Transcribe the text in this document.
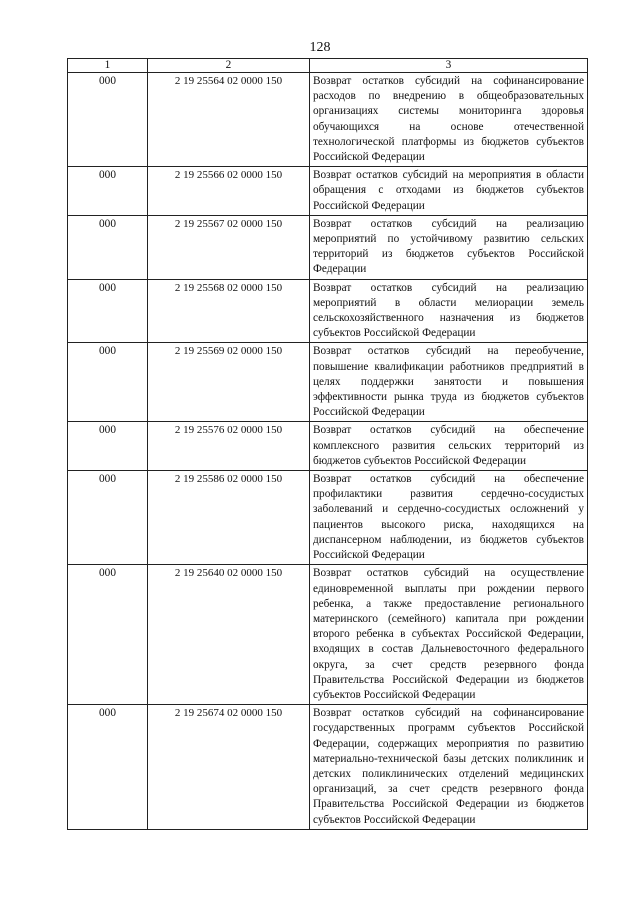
128
1	2	3
000	2 19 25564 02 0000 150	Возврат остатков субсидий на софинансирование расходов по внедрению в общеобразовательных организациях системы мониторинга здоровья обучающихся на основе отечественной технологической платформы из бюджетов субъектов Российской Федерации
000	2 19 25566 02 0000 150	Возврат остатков субсидий на мероприятия в области обращения с отходами из бюджетов субъектов Российской Федерации
000	2 19 25567 02 0000 150	Возврат остатков субсидий на реализацию мероприятий по устойчивому развитию сельских территорий из бюджетов субъектов Российской Федерации
000	2 19 25568 02 0000 150	Возврат остатков субсидий на реализацию мероприятий в области мелиорации земель сельскохозяйственного назначения из бюджетов субъектов Российской Федерации
000	2 19 25569 02 0000 150	Возврат остатков субсидий на переобучение, повышение квалификации работников предприятий в целях поддержки занятости и повышения эффективности рынка труда из бюджетов субъектов Российской Федерации
000	2 19 25576 02 0000 150	Возврат остатков субсидий на обеспечение комплексного развития сельских территорий из бюджетов субъектов Российской Федерации
000	2 19 25586 02 0000 150	Возврат остатков субсидий на обеспечение профилактики развития сердечно-сосудистых заболеваний и сердечно-сосудистых осложнений у пациентов высокого риска, находящихся на диспансерном наблюдении, из бюджетов субъектов Российской Федерации
000	2 19 25640 02 0000 150	Возврат остатков субсидий на осуществление единовременной выплаты при рождении первого ребенка, а также предоставление регионального материнского (семейного) капитала при рождении второго ребенка в субъектах Российской Федерации, входящих в состав Дальневосточного федерального округа, за счет средств резервного фонда Правительства Российской Федерации из бюджетов субъектов Российской Федерации
000	2 19 25674 02 0000 150	Возврат остатков субсидий на софинансирование государственных программ субъектов Российской Федерации, содержащих мероприятия по развитию материально-технической базы детских поликлиник и детских поликлинических отделений медицинских организаций, за счет средств резервного фонда Правительства Российской Федерации из бюджетов субъектов Российской Федерации
